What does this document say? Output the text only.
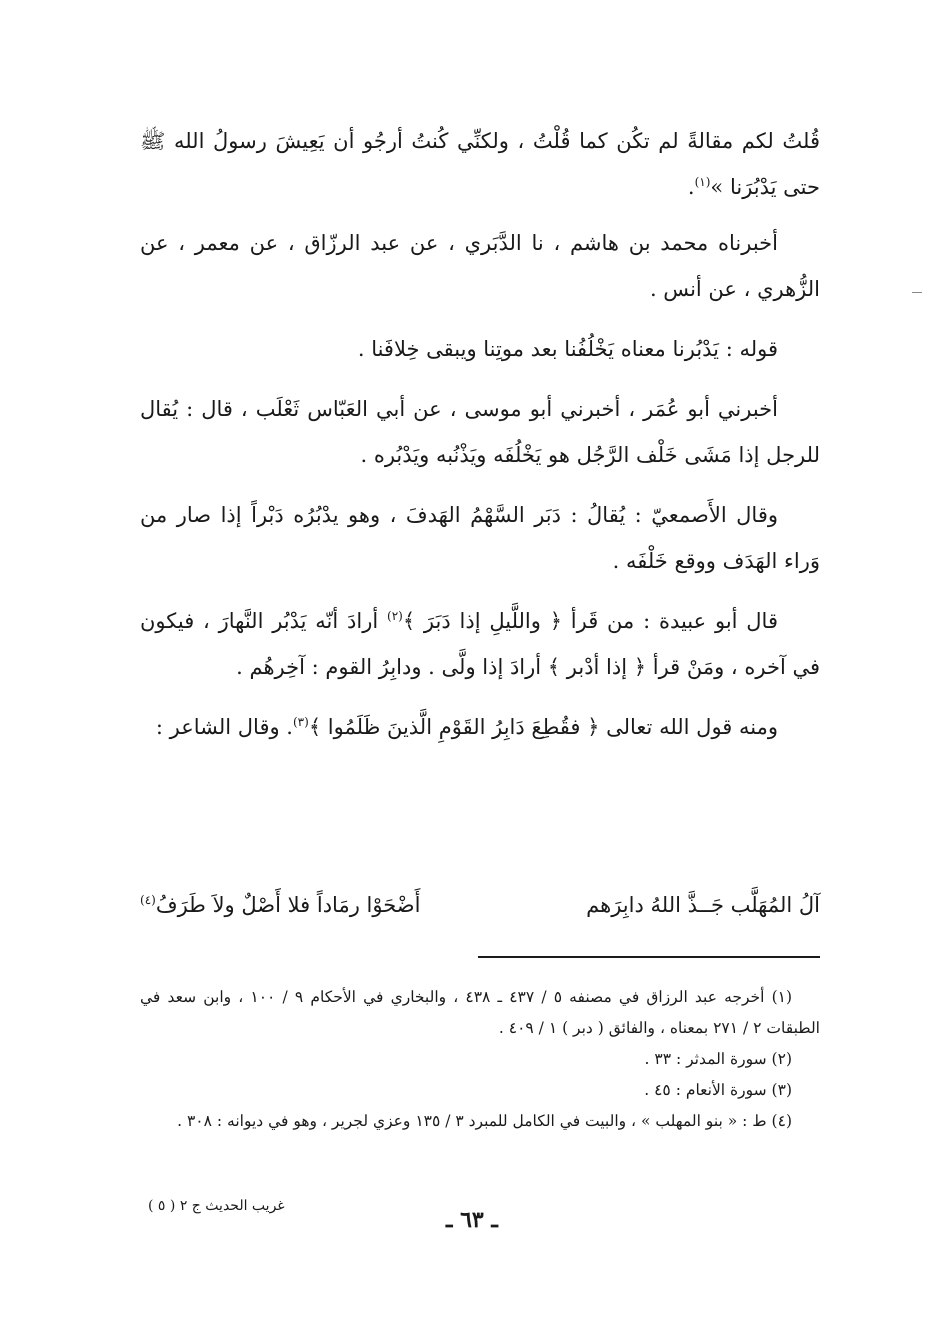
قُلتُ لكم مقالةً لم تكُن كما قُلْتُ ، ولكنِّي كُنتُ أرجُو أن يَعِيشَ رسولُ الله ﷺ حتى يَدْبُرَنا »$^{(١)}$.

أخبرناه محمد بن هاشم ، نا الدَّبَري ، عن عبد الرزّاق ، عن معمر ، عن الزُّهري ، عن أنس .

قوله : يَدْبُرنا معناه يَخْلُفُنا بعد موتِنا ويبقى خِلافَنا .

أخبرني أبو عُمَر ، أخبرني أبو موسى ، عن أبي العَبّاس ثَعْلَب ، قال : يُقال للرجل إذا مَشَى خَلْف الرَّجُل هو يَخْلُفَه ويَذْنُبه ويَدْبُره .

وقال الأَصمعيّ : يُقالُ : دَبَر السَّهْمُ الهَدفَ ، وهو يدْبُرُه دَبْراً إذا صار من وَراء الهَدَف ووقع خَلْفَه .

قال أبو عبيدة : من قَرأ ﴿ واللَّيلِ إذا دَبَرَ ﴾$^{(٢)}$ أرادَ أنّه يَدْبُر النَّهارَ ، فيكون في آخره ، ومَنْ قرأ ﴿ إذا أدْبر ﴾ أرادَ إذا ولَّى . ودابِرُ القوم : آخِرهُم .

ومنه قول الله تعالى ﴿ فقُطِعَ دَابِرُ القَوْمِ الَّذينَ ظَلَمُوا ﴾$^{(٣)}$. وقال الشاعر :

آلُ المُهَلَّب جَــذَّ اللهُ دابِرَهم
أَضْحَوْا رمَاداً فلا أَصْلٌ ولاَ طَرَفُ$^{(٤)}$

(١) أخرجه عبد الرزاق في مصنفه ٥ / ٤٣٧ ـ ٤٣٨ ، والبخاري في الأحكام ٩ / ١٠٠ ، وابن سعد في الطبقات ٢ / ٢٧١ بمعناه ، والفائق ( دبر ) ١ / ٤٠٩ .

(٢) سورة المدثر : ٣٣ .

(٣) سورة الأنعام : ٤٥ .

(٤) ط : « بنو المهلب » ، والبيت في الكامل للمبرد ٣ / ١٣٥ وعزي لجرير ، وهو في ديوانه : ٣٠٨ .

غريب الحديث ج ٢ ( ٥ )
ـ ٦٣ ـ
